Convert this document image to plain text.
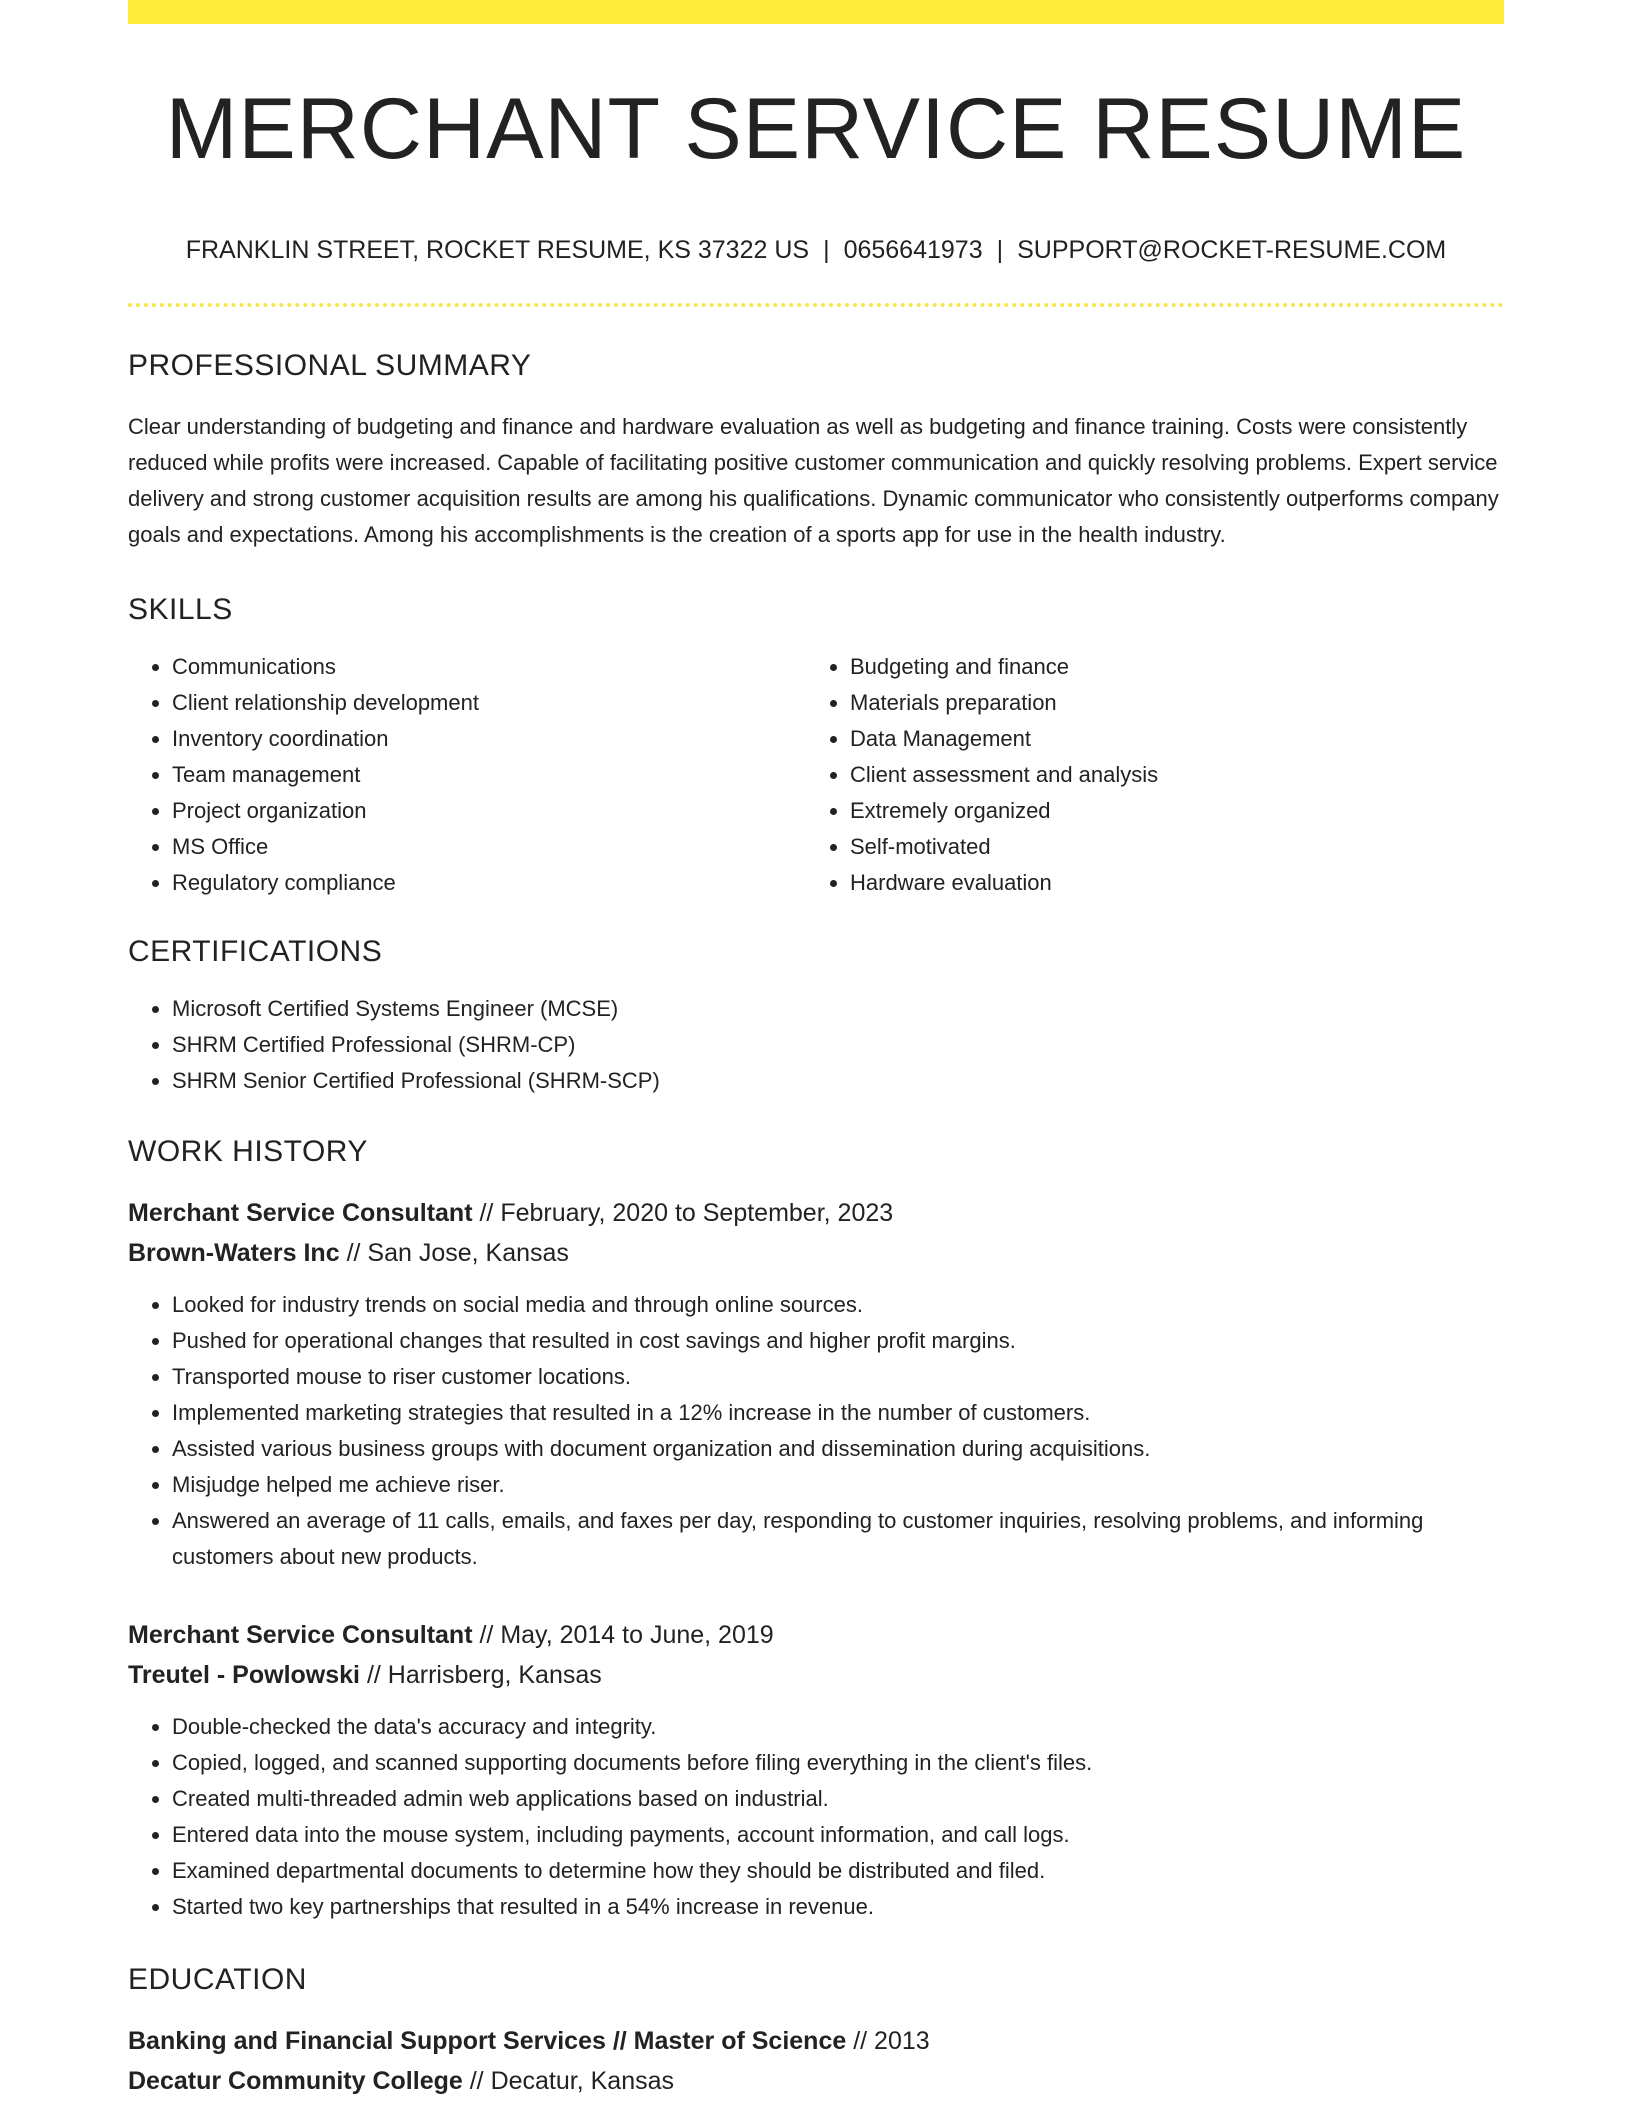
MERCHANT SERVICE RESUME
FRANKLIN STREET, ROCKET RESUME, KS 37322 US | 0656641973 | SUPPORT@ROCKET-RESUME.COM
PROFESSIONAL SUMMARY

Clear understanding of budgeting and finance and hardware evaluation as well as budgeting and finance training. Costs were consistently reduced while profits were increased. Capable of facilitating positive customer communication and quickly resolving problems. Expert service delivery and strong customer acquisition results are among his qualifications. Dynamic communicator who consistently outperforms company goals and expectations. Among his accomplishments is the creation of a sports app for use in the health industry.

SKILLS
• Communications
• Client relationship development
• Inventory coordination
• Team management
• Project organization
• MS Office
• Regulatory compliance
• Budgeting and finance
• Materials preparation
• Data Management
• Client assessment and analysis
• Extremely organized
• Self-motivated
• Hardware evaluation
CERTIFICATIONS
• Microsoft Certified Systems Engineer (MCSE)
• SHRM Certified Professional (SHRM-CP)
• SHRM Senior Certified Professional (SHRM-SCP)
WORK HISTORY
Merchant Service Consultant // February, 2020 to September, 2023
Brown-Waters Inc // San Jose, Kansas
• Looked for industry trends on social media and through online sources.
• Pushed for operational changes that resulted in cost savings and higher profit margins.
• Transported mouse to riser customer locations.
• Implemented marketing strategies that resulted in a 12% increase in the number of customers.
• Assisted various business groups with document organization and dissemination during acquisitions.
• Misjudge helped me achieve riser.
• Answered an average of 11 calls, emails, and faxes per day, responding to customer inquiries, resolving problems, and informing customers about new products.
Merchant Service Consultant // May, 2014 to June, 2019
Treutel - Powlowski // Harrisberg, Kansas
• Double-checked the data's accuracy and integrity.
• Copied, logged, and scanned supporting documents before filing everything in the client's files.
• Created multi-threaded admin web applications based on industrial.
• Entered data into the mouse system, including payments, account information, and call logs.
• Examined departmental documents to determine how they should be distributed and filed.
• Started two key partnerships that resulted in a 54% increase in revenue.
EDUCATION
Banking and Financial Support Services // Master of Science // 2013
Decatur Community College // Decatur, Kansas
